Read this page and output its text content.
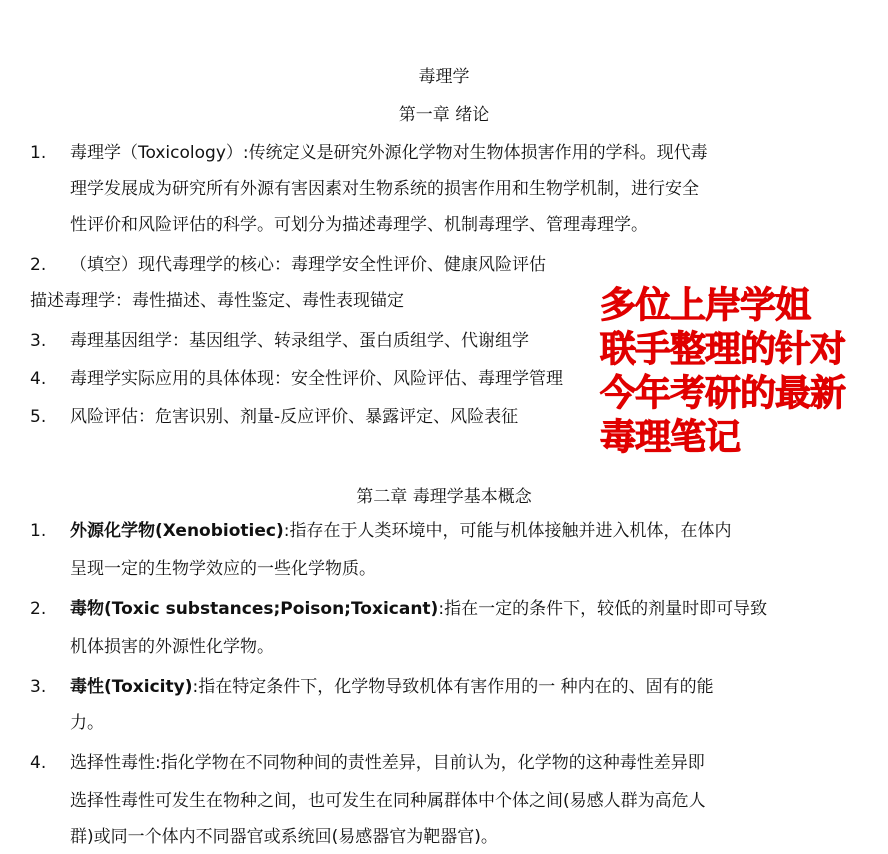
毒理学
第一章 绪论
1. 毒理学（Toxicology）:传统定义是研究外源化学物对生物体损害作用的学科。现代毒
理学发展成为研究所有外源有害因素对生物系统的损害作用和生物学机制，进行安全
性评价和风险评估的科学。可划分为描述毒理学、机制毒理学、管理毒理学。
2. （填空）现代毒理学的核心：毒理学安全性评价、健康风险评估
描述毒理学：毒性描述、毒性鉴定、毒性表现锚定
3. 毒理基因组学：基因组学、转录组学、蛋白质组学、代谢组学
4. 毒理学实际应用的具体体现：安全性评价、风险评估、毒理学管理
5. 风险评估：危害识别、剂量-反应评价、暴露评定、风险表征
第二章 毒理学基本概念
1. 外源化学物(Xenobiotiec):指存在于人类环境中，可能与机体接触并进入机体，在体内
呈现一定的生物学效应的一些化学物质。
2. 毒物(Toxic substances;Poison;Toxicant):指在一定的条件下，较低的剂量时即可导致
机体损害的外源性化学物。
3. 毒性(Toxicity):指在特定条件下，化学物导致机体有害作用的一 种内在的、固有的能
力。
4. 选择性毒性:指化学物在不同物种间的责性差异，目前认为，化学物的这种毒性差异即
选择性毒性可发生在物种之间，也可发生在同种属群体中个体之间(易感人群为高危人
群)或同一个体内不同器官或系统回(易感器官为靶器官)。
多位上岸学姐
联手整理的针对
今年考研的最新
毒理笔记
